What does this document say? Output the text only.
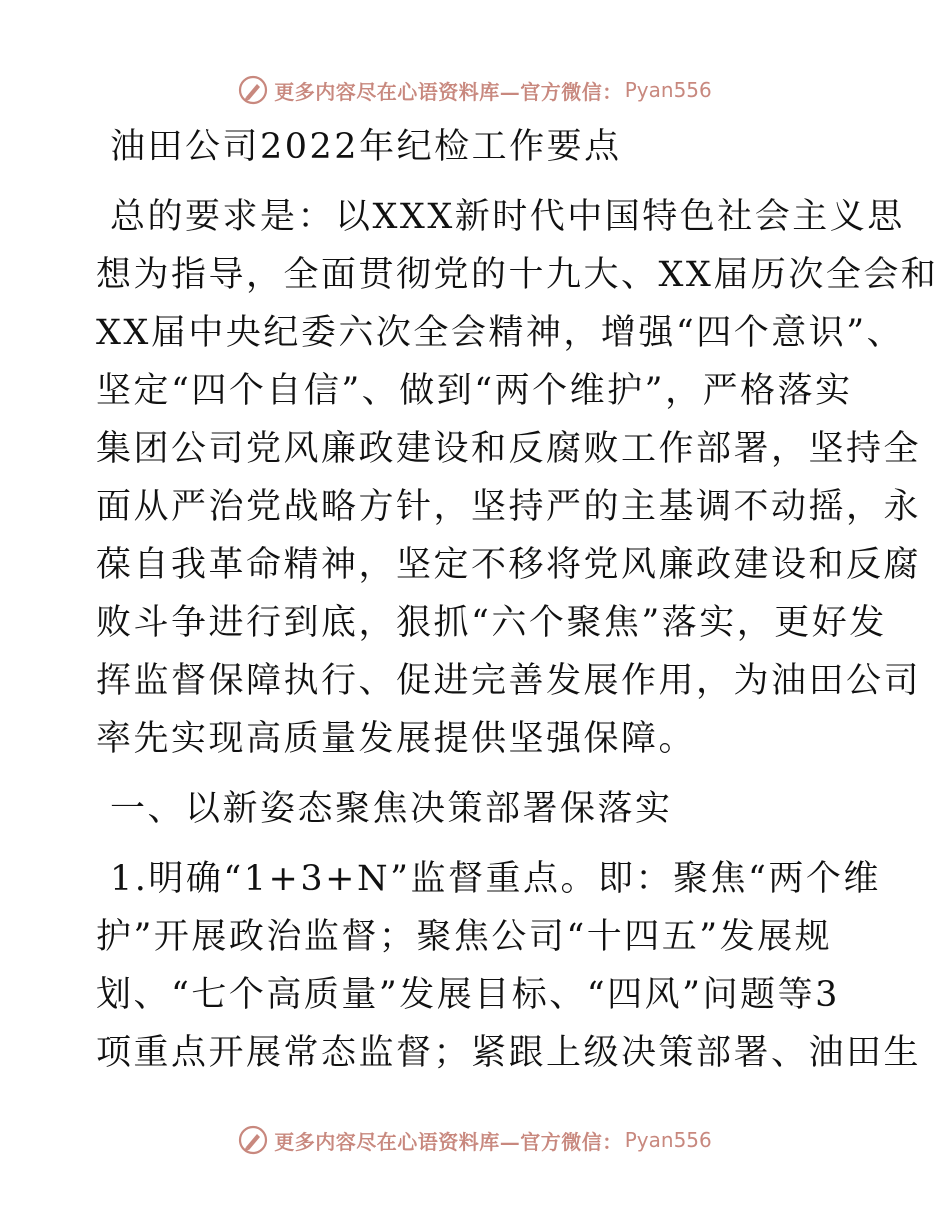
更多内容尽在心语资料库—官方微信： Pyan556
油田公司2022年纪检工作要点
总的要求是：以XXX新时代中国特色社会主义思
想为指导，全面贯彻党的十九大、XX届历次全会和
XX届中央纪委六次全会精神，增强“四个意识”、
坚定“四个自信”、做到“两个维护”，严格落实
集团公司党风廉政建设和反腐败工作部署，坚持全
面从严治党战略方针，坚持严的主基调不动摇，永
葆自我革命精神，坚定不移将党风廉政建设和反腐
败斗争进行到底，狠抓“六个聚焦”落实，更好发
挥监督保障执行、促进完善发展作用，为油田公司
率先实现高质量发展提供坚强保障。
一、以新姿态聚焦决策部署保落实
1.明确“1+3+N”监督重点。即：聚焦“两个维
护”开展政治监督；聚焦公司“十四五”发展规
划、“七个高质量”发展目标、“四风”问题等3
项重点开展常态监督；紧跟上级决策部署、油田生
更多内容尽在心语资料库—官方微信： Pyan556
